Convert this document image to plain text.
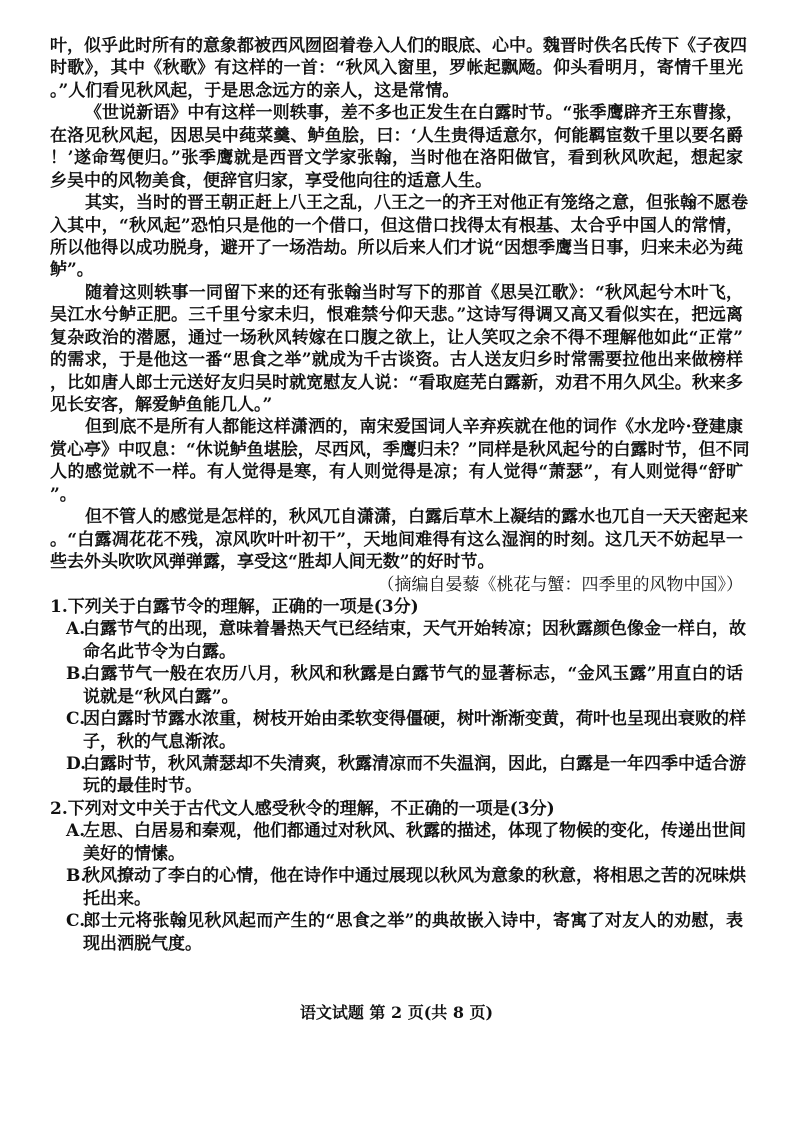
叶，似乎此时所有的意象都被西风囫囵着卷入人们的眼底、心中。魏晋时佚名氏传下《子夜四
时歌》，其中《秋歌》有这样的一首：“秋风入窗里，罗帐起飘飏。仰头看明月，寄情千里光
。”人们看见秋风起，于是思念远方的亲人，这是常情。
《世说新语》中有这样一则轶事，差不多也正发生在白露时节。“张季鹰辟齐王东曹掾，
在洛见秋风起，因思吴中莼菜羹、鲈鱼脍，曰：‘人生贵得适意尔，何能羁宦数千里以要名爵
！’遂命驾便归。”张季鹰就是西晋文学家张翰，当时他在洛阳做官，看到秋风吹起，想起家
乡吴中的风物美食，便辞官归家，享受他向往的适意人生。
其实，当时的晋王朝正赶上八王之乱，八王之一的齐王对他正有笼络之意，但张翰不愿卷
入其中，“秋风起”恐怕只是他的一个借口，但这借口找得太有根基、太合乎中国人的常情，
所以他得以成功脱身，避开了一场浩劫。所以后来人们才说“因想季鹰当日事，归来未必为莼
鲈”。
随着这则轶事一同留下来的还有张翰当时写下的那首《思吴江歌》：“秋风起兮木叶飞，
吴江水兮鲈正肥。三千里兮家未归，恨难禁兮仰天悲。”这诗写得调又高又看似实在，把远离
复杂政治的潜愿，通过一场秋风转嫁在口腹之欲上，让人笑叹之余不得不理解他如此“正常”
的需求，于是他这一番“思食之举”就成为千古谈资。古人送友归乡时常需要拉他出来做榜样
，比如唐人郎士元送好友归吴时就宽慰友人说：“看取庭芜白露新，劝君不用久风尘。秋来多
见长安客，解爱鲈鱼能几人。”
但到底不是所有人都能这样潇洒的，南宋爱国词人辛弃疾就在他的词作《水龙吟·登建康
赏心亭》中叹息：“休说鲈鱼堪脍，尽西风，季鹰归未？”同样是秋风起兮的白露时节，但不同
人的感觉就不一样。有人觉得是寒，有人则觉得是凉；有人觉得“萧瑟”，有人则觉得“舒旷
”。
但不管人的感觉是怎样的，秋风兀自潇潇，白露后草木上凝结的露水也兀自一天天密起来
。“白露凋花花不残，凉风吹叶叶初干”，天地间难得有这么湿润的时刻。这几天不妨起早一
些去外头吹吹风弹弹露，享受这“胜却人间无数”的好时节。
（摘编自晏藜《桃花与蟹：四季里的风物中国》）
1.下列关于白露节令的理解，正确的一项是(3分)
A.白露节气的出现，意味着暑热天气已经结束，天气开始转凉；因秋露颜色像金一样白，故
命名此节令为白露。
B.白露节气一般在农历八月，秋风和秋露是白露节气的显著标志，“金风玉露”用直白的话
说就是“秋风白露”。
C.因白露时节露水浓重，树枝开始由柔软变得僵硬，树叶渐渐变黄，荷叶也呈现出衰败的样
子，秋的气息渐浓。
D.白露时节，秋风萧瑟却不失清爽，秋露清凉而不失温润，因此，白露是一年四季中适合游
玩的最佳时节。
2.下列对文中关于古代文人感受秋令的理解，不正确的一项是(3分)
A.左思、白居易和秦观，他们都通过对秋风、秋露的描述，体现了物候的变化，传递出世间
美好的情愫。
B.秋风撩动了李白的心情，他在诗作中通过展现以秋风为意象的秋意，将相思之苦的况味烘
托出来。
C.郎士元将张翰见秋风起而产生的“思食之举”的典故嵌入诗中，寄寓了对友人的劝慰，表
现出洒脱气度。
语文试题 第 2 页(共 8 页)
